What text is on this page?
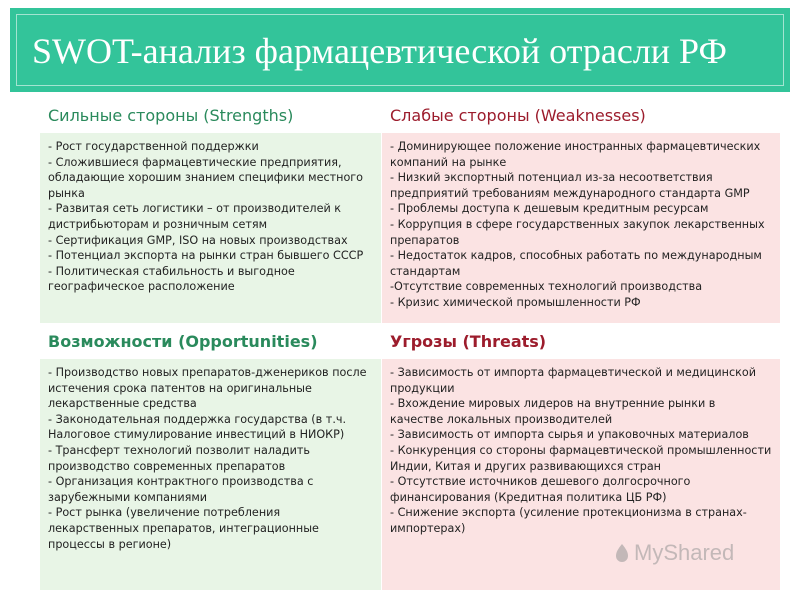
SWOT-анализ фармацевтической отрасли РФ
Сильные стороны (Strengths)	Слабые стороны (Weaknesses)
- Рост государственной поддержки
- Сложившиеся фармацевтические предприятия, обладающие хорошим знанием специфики местного рынка
- Развитая сеть логистики – от производителей к дистрибьюторам и розничным сетям
- Сертификация GMP, ISO на новых производствах
- Потенциал экспорта на рынки стран бывшего СССР
- Политическая стабильность и выгодное географическое расположение
- Доминирующее положение иностранных фармацевтических компаний на рынке
- Низкий экспортный потенциал из-за несоответствия предприятий требованиям международного стандарта GMP
- Проблемы доступа к дешевым кредитным ресурсам
- Коррупция в сфере государственных закупок лекарственных препаратов
- Недостаток кадров, способных работать по международным стандартам
-Отсутствие современных технологий производства
- Кризис химической промышленности РФ
Возможности (Opportunities)	Угрозы (Threats)
- Производство новых препаратов-дженериков после истечения срока патентов на оригинальные лекарственные средства
- Законодательная поддержка государства (в т.ч. Налоговое стимулирование инвестиций в НИОКР)
- Трансферт технологий позволит наладить производство современных препаратов
- Организация контрактного производства с зарубежными компаниями
- Рост рынка (увеличение потребления лекарственных препаратов, интеграционные процессы в регионе)
- Зависимость от импорта фармацевтической и медицинской продукции
- Вхождение мировых лидеров на внутренние рынки в качестве локальных производителей
- Зависимость от импорта сырья и упаковочных материалов
- Конкуренция со стороны фармацевтической промышленности Индии, Китая и других развивающихся стран
- Отсутствие источников дешевого долгосрочного финансирования (Кредитная политика ЦБ РФ)
- Снижение экспорта (усиление протекционизма в странах-импортерах)
MyShared
